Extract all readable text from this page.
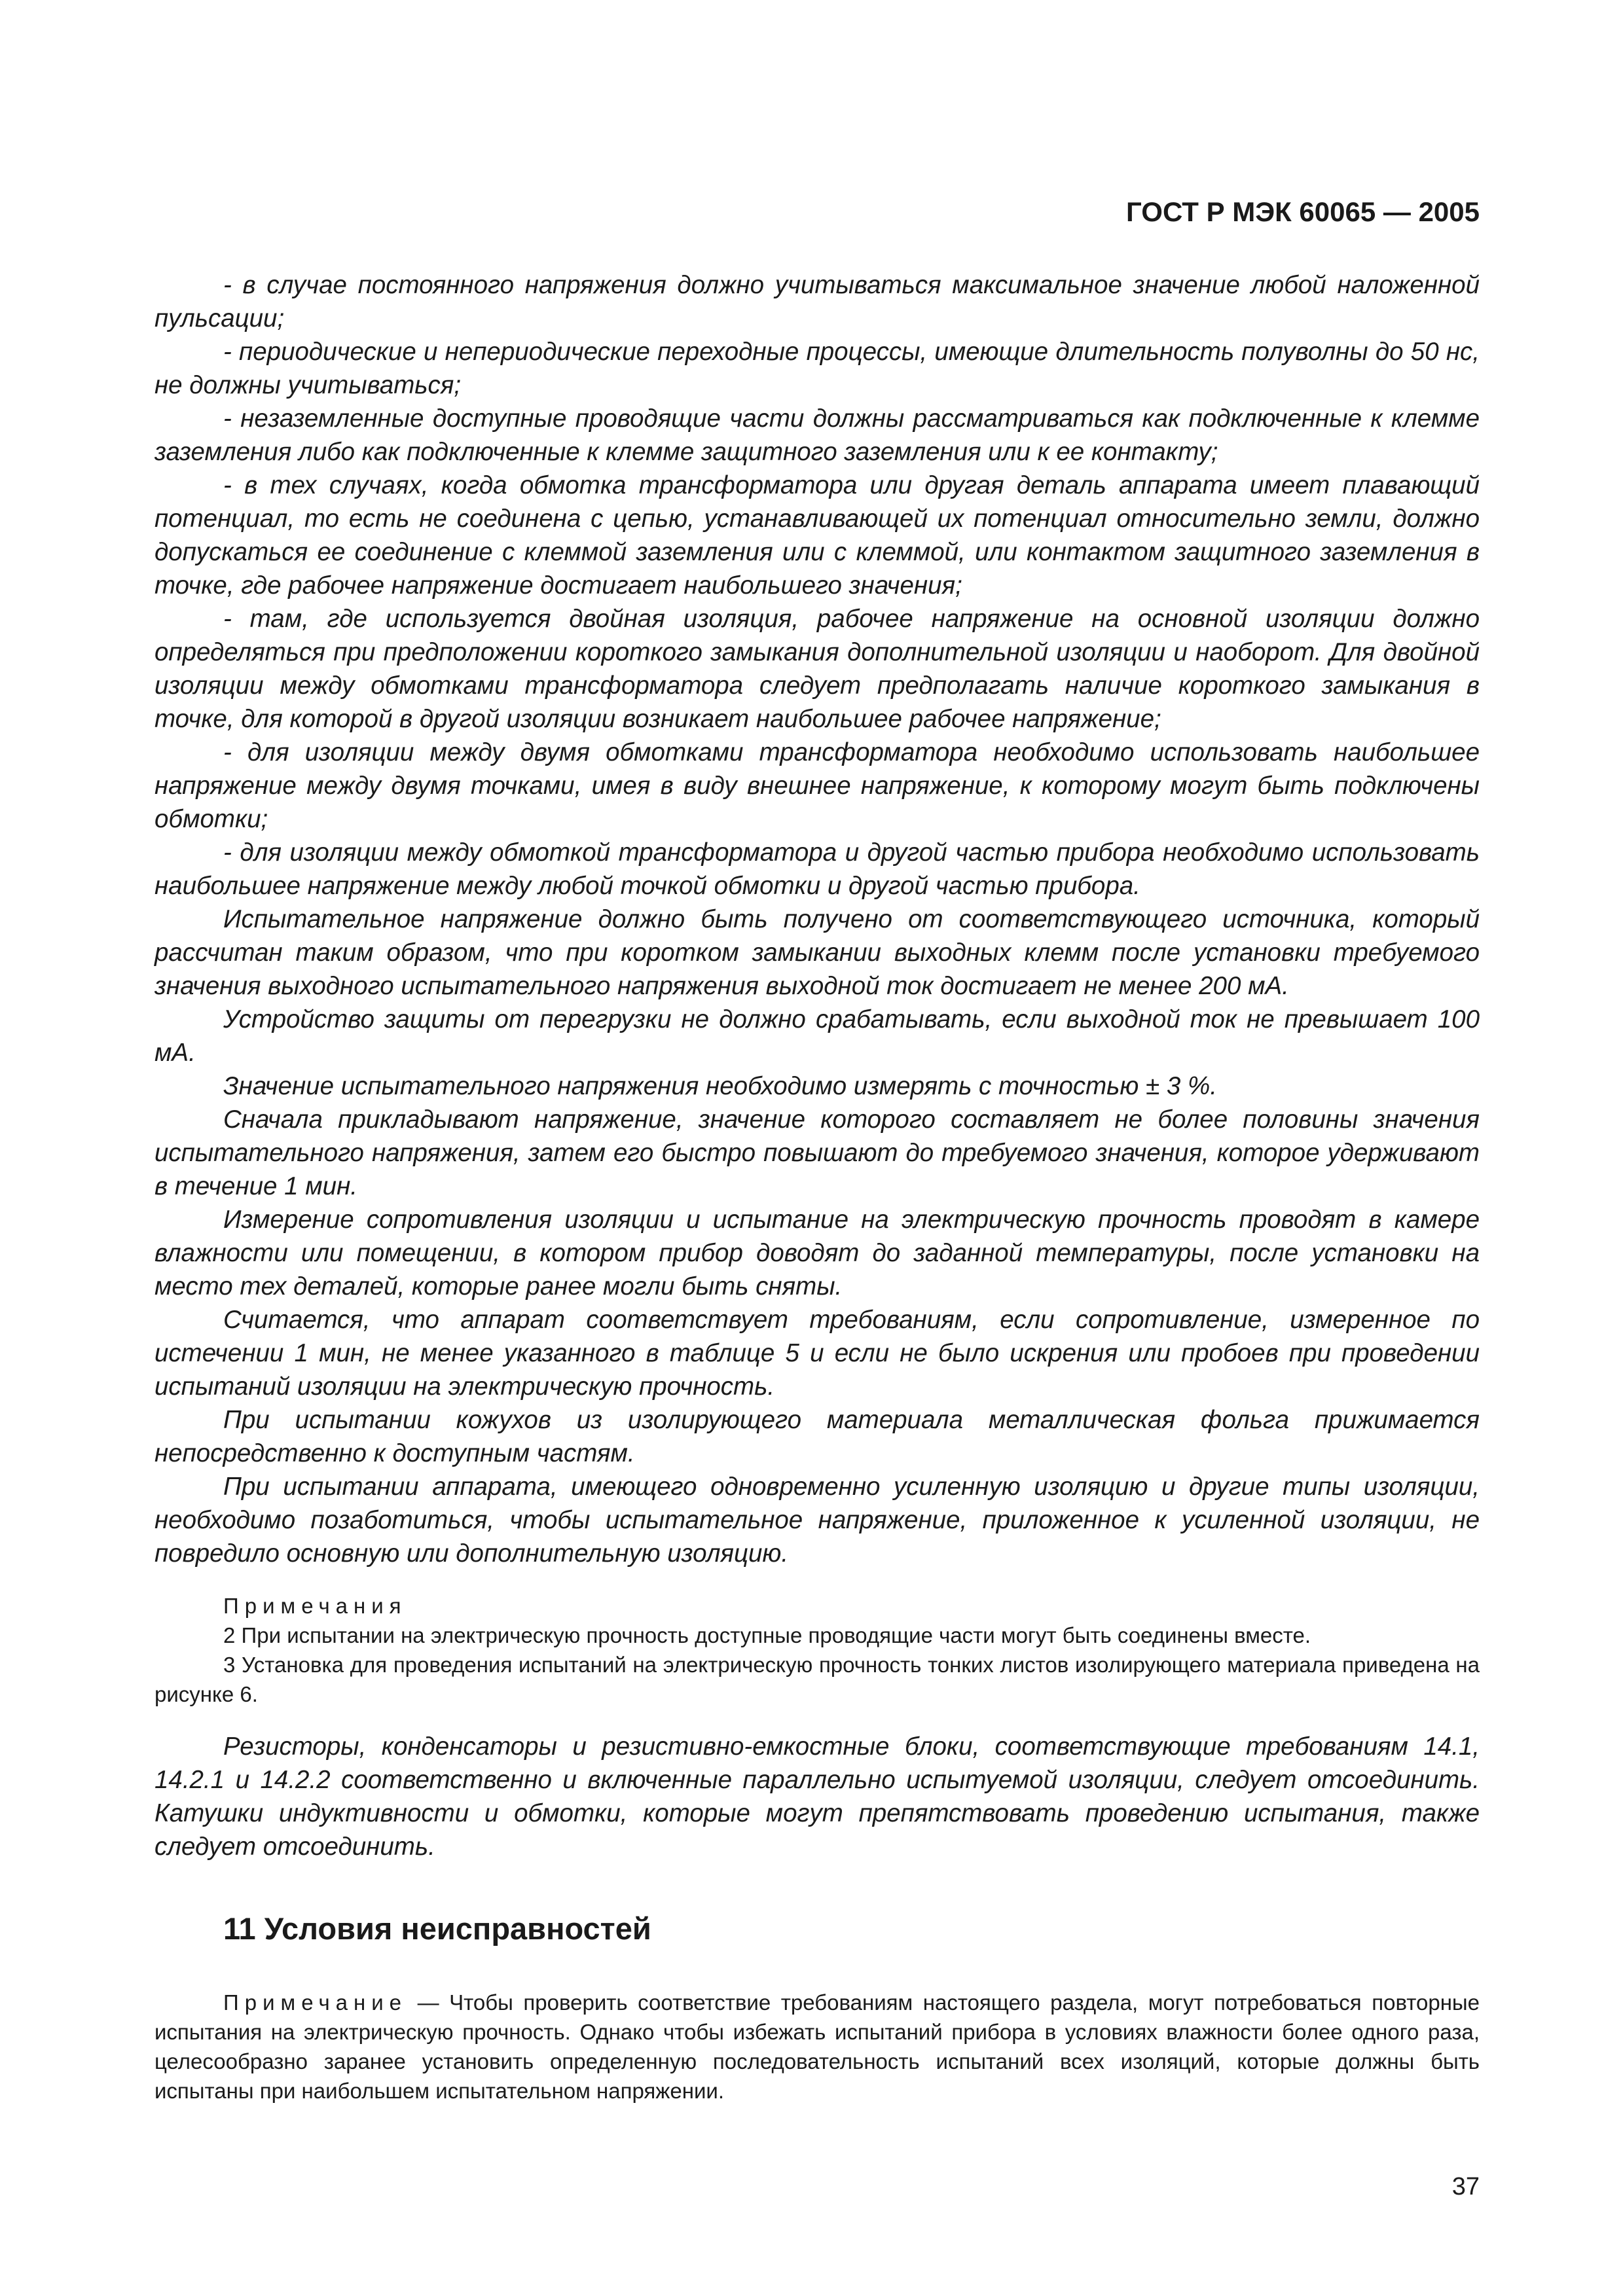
ГОСТ Р МЭК 60065 — 2005

- в случае постоянного напряжения должно учитываться максимальное значение любой наложенной пульсации;

- периодические и непериодические переходные процессы, имеющие длительность полуволны до 50 нс, не должны учитываться;

- незаземленные доступные проводящие части должны рассматриваться как подключенные к клемме заземления либо как подключенные к клемме защитного заземления или к ее контакту;

- в тех случаях, когда обмотка трансформатора или другая деталь аппарата имеет плавающий потенциал, то есть не соединена с цепью, устанавливающей их потенциал относительно земли, должно допускаться ее соединение с клеммой заземления или с клеммой, или контактом защитного заземления в точке, где рабочее напряжение достигает наибольшего значения;

- там, где используется двойная изоляция, рабочее напряжение на основной изоляции должно определяться при предположении короткого замыкания дополнительной изоляции и наоборот. Для двойной изоляции между обмотками трансформатора следует предполагать наличие короткого замыкания в точке, для которой в другой изоляции возникает наибольшее рабочее напряжение;

- для изоляции между двумя обмотками трансформатора необходимо использовать наибольшее напряжение между двумя точками, имея в виду внешнее напряжение, к которому могут быть подключены обмотки;

- для изоляции между обмоткой трансформатора и другой частью прибора необходимо использовать наибольшее напряжение между любой точкой обмотки и другой частью прибора.

Испытательное напряжение должно быть получено от соответствующего источника, который рассчитан таким образом, что при коротком замыкании выходных клемм после установки требуемого значения выходного испытательного напряжения выходной ток достигает не менее 200 мА.

Устройство защиты от перегрузки не должно срабатывать, если выходной ток не превышает 100 мА.

Значение испытательного напряжения необходимо измерять с точностью ± 3 %.

Сначала прикладывают напряжение, значение которого составляет не более половины значения испытательного напряжения, затем его быстро повышают до требуемого значения, которое удерживают в течение 1 мин.

Измерение сопротивления изоляции и испытание на электрическую прочность проводят в камере влажности или помещении, в котором прибор доводят до заданной температуры, после установки на место тех деталей, которые ранее могли быть сняты.

Считается, что аппарат соответствует требованиям, если сопротивление, измеренное по истечении 1 мин, не менее указанного в таблице 5 и если не было искрения или пробоев при проведении испытаний изоляции на электрическую прочность.

При испытании кожухов из изолирующего материала металлическая фольга прижимается непосредственно к доступным частям.

При испытании аппарата, имеющего одновременно усиленную изоляцию и другие типы изоляции, необходимо позаботиться, чтобы испытательное напряжение, приложенное к усиленной изоляции, не повредило основную или дополнительную изоляцию.

Примечания

2 При испытании на электрическую прочность доступные проводящие части могут быть соединены вместе.

3 Установка для проведения испытаний на электрическую прочность тонких листов изолирующего материала приведена на рисунке 6.

Резисторы, конденсаторы и резистивно-емкостные блоки, соответствующие требованиям 14.1, 14.2.1 и 14.2.2 соответственно и включенные параллельно испытуемой изоляции, следует отсоединить. Катушки индуктивности и обмотки, которые могут препятствовать проведению испытания, также следует отсоединить.

11 Условия неисправностей

Примечание — Чтобы проверить соответствие требованиям настоящего раздела, могут потребоваться повторные испытания на электрическую прочность. Однако чтобы избежать испытаний прибора в условиях влажности более одного раза, целесообразно заранее установить определенную последовательность испытаний всех изоляций, которые должны быть испытаны при наибольшем испытательном напряжении.

37
